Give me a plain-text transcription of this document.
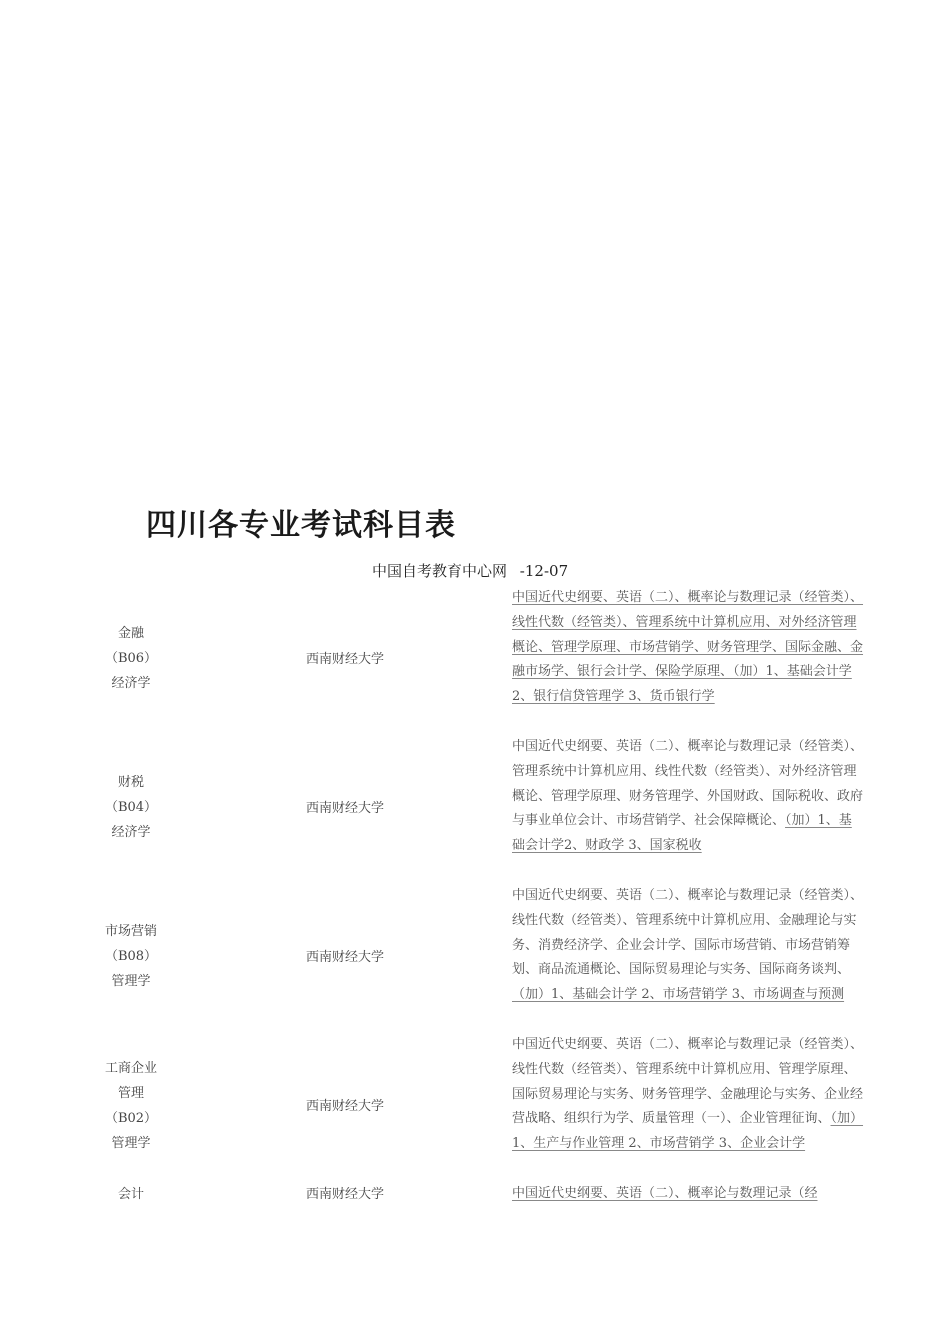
四川各专业考试科目表
中国自考教育中心网 -12-07
金融
（B06）
经济学
西南财经大学
中国近代史纲要、英语（二）、概率论与数理记录（经管类）、线性代数（经管类）、管理系统中计算机应用、对外经济管理概论、管理学原理、市场营销学、财务管理学、国际金融、金融市场学、银行会计学、保险学原理、（加）1、基础会计学 2、银行信贷管理学 3、货币银行学
财税
（B04）
经济学
西南财经大学
中国近代史纲要、英语（二）、概率论与数理记录（经管类）、管理系统中计算机应用、线性代数（经管类）、对外经济管理概论、管理学原理、财务管理学、外国财政、国际税收、政府与事业单位会计、市场营销学、社会保障概论、（加）1、基础会计学2、财政学 3、国家税收
市场营销
（B08）
管理学
西南财经大学
中国近代史纲要、英语（二）、概率论与数理记录（经管类）、线性代数（经管类）、管理系统中计算机应用、金融理论与实务、消费经济学、企业会计学、国际市场营销、市场营销筹划、商品流通概论、国际贸易理论与实务、国际商务谈判、（加）1、基础会计学 2、市场营销学 3、市场调查与预测
工商企业
管理
（B02）
管理学
西南财经大学
中国近代史纲要、英语（二）、概率论与数理记录（经管类）、线性代数（经管类）、管理系统中计算机应用、管理学原理、国际贸易理论与实务、财务管理学、金融理论与实务、企业经营战略、组织行为学、质量管理（一）、企业管理征询、（加）1、生产与作业管理 2、市场营销学 3、企业会计学
会计	西南财经大学	中国近代史纲要、英语（二）、概率论与数理记录（经
